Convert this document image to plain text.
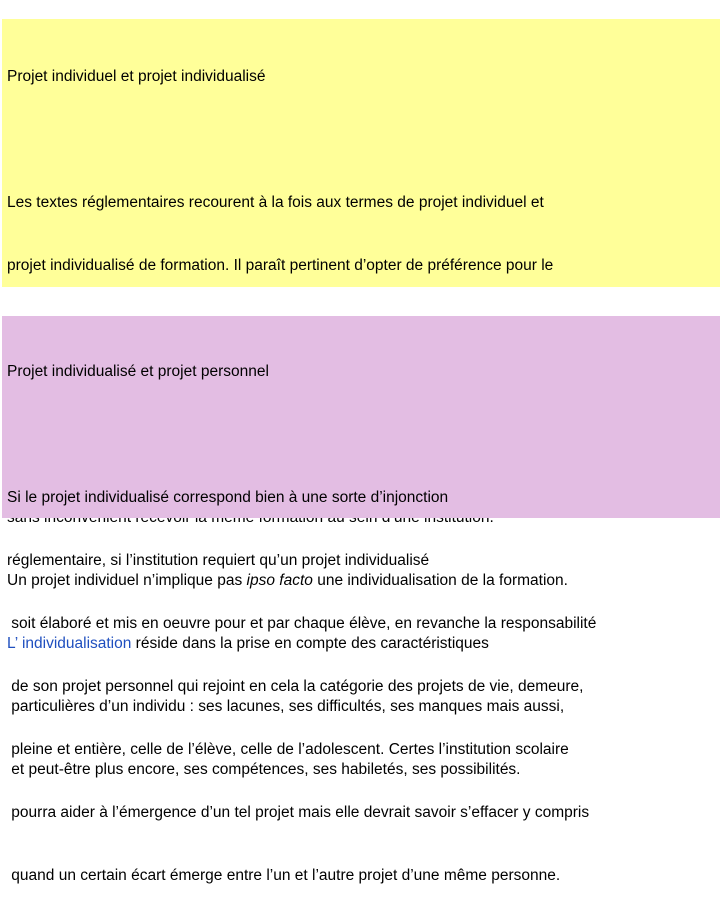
Projet individuel et projet individualisé

Les textes réglementaires recourent à la fois aux termes de projet individuel et

projet individualisé de formation. Il paraît pertinent d’opter de préférence pour le

Un projet individuel n’implique pas ipso facto une individualisation de la formation.

L’ individualisation réside dans la prise en compte des caractéristiques

particulières d’un individu : ses lacunes, ses difficultés, ses manques mais aussi,

et peut-être plus encore, ses compétences, ses habiletés, ses possibilités.

Projet individualisé et projet personnel

Si le projet individualisé correspond bien à une sorte d’injonction

réglementaire, si l’institution requiert qu’un projet individualisé

soit élaboré et mis en oeuvre pour et par chaque élève, en revanche la responsabilité

de son projet personnel qui rejoint en cela la catégorie des projets de vie, demeure,

pleine et entière, celle de l’élève, celle de l’adolescent. Certes l’institution scolaire

pourra aider à l’émergence d’un tel projet mais elle devrait savoir s’effacer y compris

quand un certain écart émerge entre l’un et l’autre projet d’une même personne.
